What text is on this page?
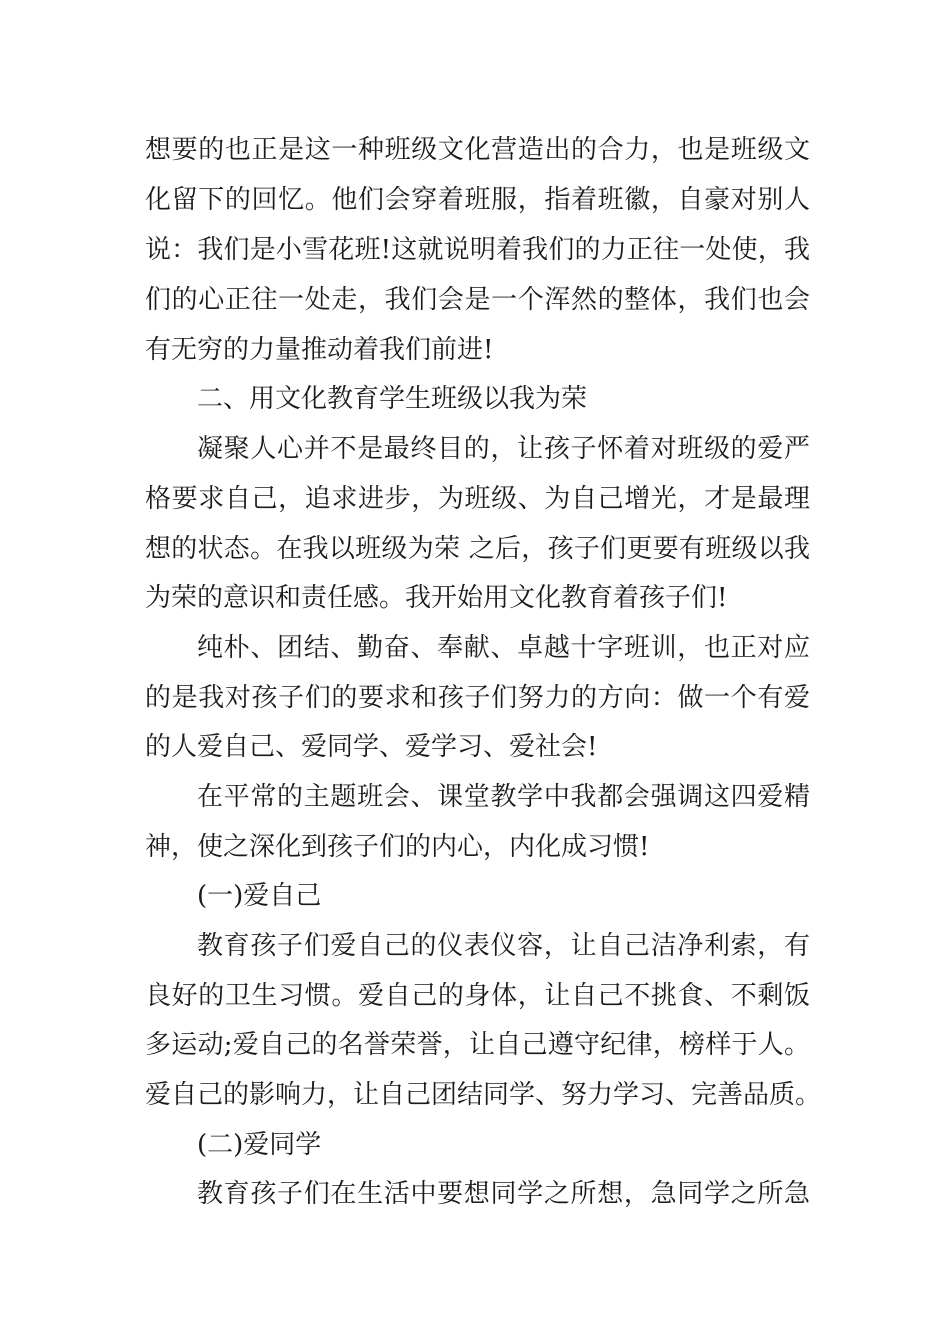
想要的也正是这一种班级文化营造出的合力，也是班级文
化留下的回忆。他们会穿着班服，指着班徽，自豪对别人
说：我们是小雪花班!这就说明着我们的力正往一处使，我
们的心正往一处走，我们会是一个浑然的整体，我们也会
有无穷的力量推动着我们前进!
二、用文化教育学生班级以我为荣
凝聚人心并不是最终目的，让孩子怀着对班级的爱严
格要求自己，追求进步，为班级、为自己增光，才是最理
想的状态。在我以班级为荣 之后，孩子们更要有班级以我
为荣的意识和责任感。我开始用文化教育着孩子们!
纯朴、团结、勤奋、奉献、卓越十字班训，也正对应
的是我对孩子们的要求和孩子们努力的方向：做一个有爱
的人爱自己、爱同学、爱学习、爱社会!
在平常的主题班会、课堂教学中我都会强调这四爱精
神，使之深化到孩子们的内心，内化成习惯!
(一)爱自己
教育孩子们爱自己的仪表仪容，让自己洁净利索，有
良好的卫生习惯。爱自己的身体，让自己不挑食、不剩饭
多运动;爱自己的名誉荣誉，让自己遵守纪律，榜样于人。
爱自己的影响力，让自己团结同学、努力学习、完善品质。
(二)爱同学
教育孩子们在生活中要想同学之所想，急同学之所急
